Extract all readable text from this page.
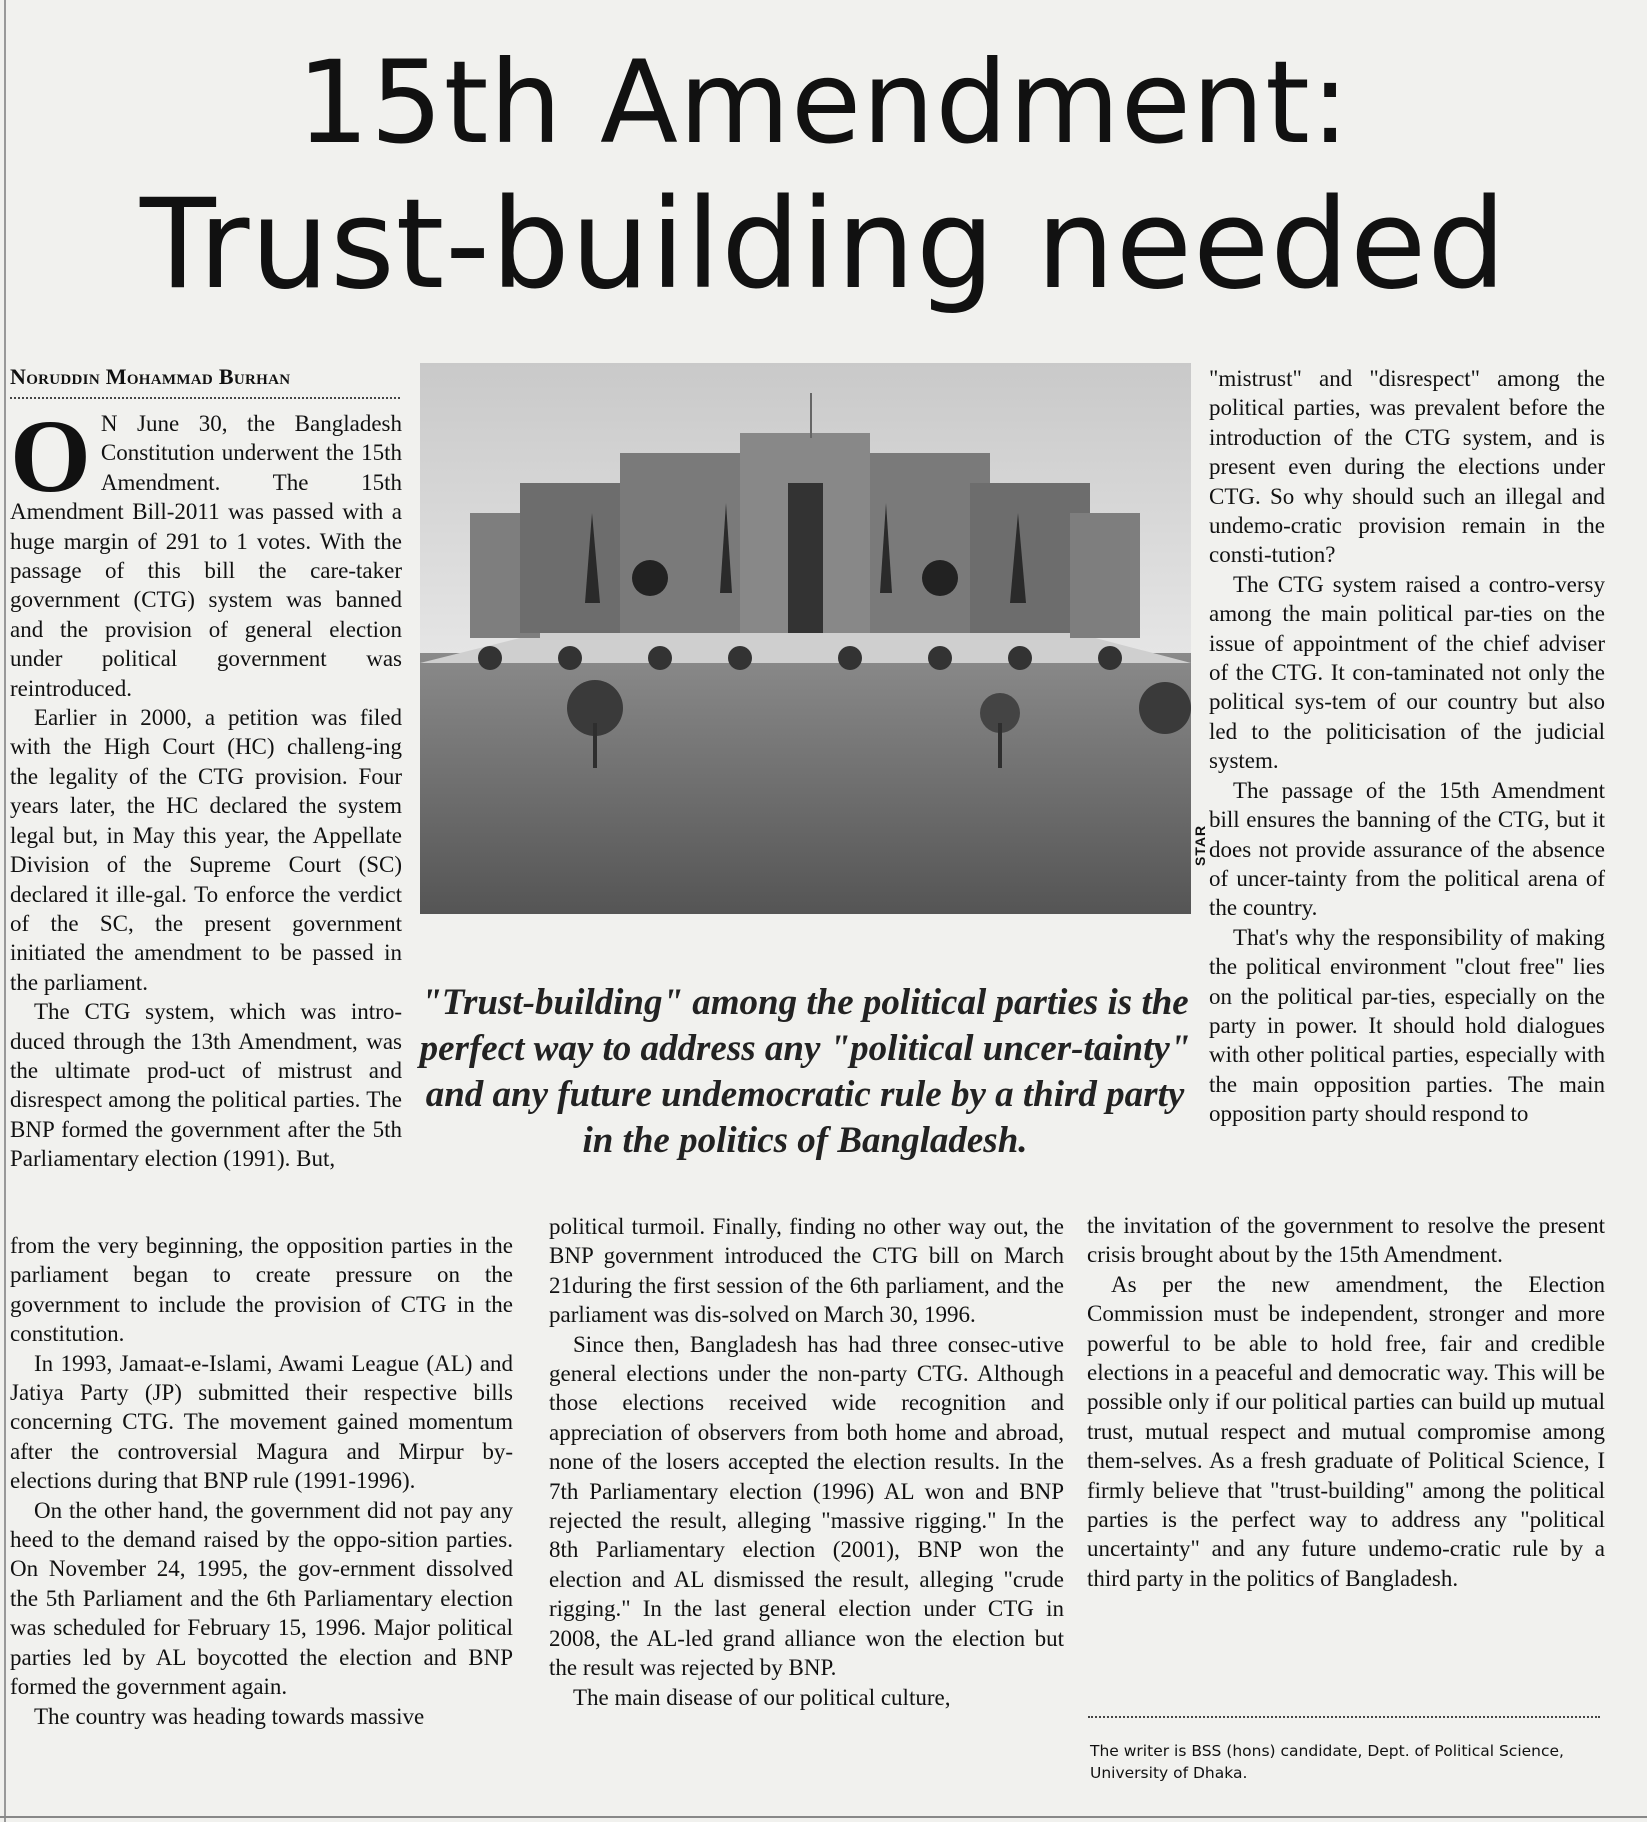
15th Amendment:
Trust-building needed
Noruddin Mohammad Burhan

O N June 30, the Bangladesh Constitution underwent the 15th Amendment. The 15th Amendment Bill-2011 was passed with a huge margin of 291 to 1 votes. With the passage of this bill the care-taker government (CTG) system was banned and the provision of general election under political government was reintroduced.

Earlier in 2000, a petition was filed with the High Court (HC) challeng-ing the legality of the CTG provision. Four years later, the HC declared the system legal but, in May this year, the Appellate Division of the Supreme Court (SC) declared it ille-gal. To enforce the verdict of the SC, the present government initiated the amendment to be passed in the parliament.

The CTG system, which was intro-duced through the 13th Amendment, was the ultimate prod-uct of mistrust and disrespect among the political parties. The BNP formed the government after the 5th Parliamentary election (1991). But,

from the very beginning, the opposition parties in the parliament began to create pressure on the government to include the provision of CTG in the constitution.

In 1993, Jamaat-e-Islami, Awami League (AL) and Jatiya Party (JP) submitted their respective bills concerning CTG. The movement gained momentum after the controversial Magura and Mirpur by-elections during that BNP rule (1991-1996).

On the other hand, the government did not pay any heed to the demand raised by the oppo-sition parties. On November 24, 1995, the gov-ernment dissolved the 5th Parliament and the 6th Parliamentary election was scheduled for February 15, 1996. Major political parties led by AL boycotted the election and BNP formed the government again.

The country was heading towards massive

STAR
"Trust-building" among the political parties is the perfect way to address any "political uncer-tainty" and any future undemocratic rule by a third party in the politics of Bangladesh.

political turmoil. Finally, finding no other way out, the BNP government introduced the CTG bill on March 21during the first session of the 6th parliament, and the parliament was dis-solved on March 30, 1996.

Since then, Bangladesh has had three consec-utive general elections under the non-party CTG. Although those elections received wide recognition and appreciation of observers from both home and abroad, none of the losers accepted the election results. In the 7th Parliamentary election (1996) AL won and BNP rejected the result, alleging "massive rigging." In the 8th Parliamentary election (2001), BNP won the election and AL dismissed the result, alleging "crude rigging." In the last general election under CTG in 2008, the AL-led grand alliance won the election but the result was rejected by BNP.

The main disease of our political culture,

"mistrust" and "disrespect" among the political parties, was prevalent before the introduction of the CTG system, and is present even during the elections under CTG. So why should such an illegal and undemo-cratic provision remain in the consti-tution?

The CTG system raised a contro-versy among the main political par-ties on the issue of appointment of the chief adviser of the CTG. It con-taminated not only the political sys-tem of our country but also led to the politicisation of the judicial system.

The passage of the 15th Amendment bill ensures the banning of the CTG, but it does not provide assurance of the absence of uncer-tainty from the political arena of the country.

That's why the responsibility of making the political environment "clout free" lies on the political par-ties, especially on the party in power. It should hold dialogues with other political parties, especially with the main opposition parties. The main opposition party should respond to

the invitation of the government to resolve the present crisis brought about by the 15th Amendment.

As per the new amendment, the Election Commission must be independent, stronger and more powerful to be able to hold free, fair and credible elections in a peaceful and democratic way. This will be possible only if our political parties can build up mutual trust, mutual respect and mutual compromise among them-selves. As a fresh graduate of Political Science, I firmly believe that "trust-building" among the political parties is the perfect way to address any "political uncertainty" and any future undemo-cratic rule by a third party in the politics of Bangladesh.

The writer is BSS (hons) candidate, Dept. of Political Science, University of Dhaka.
